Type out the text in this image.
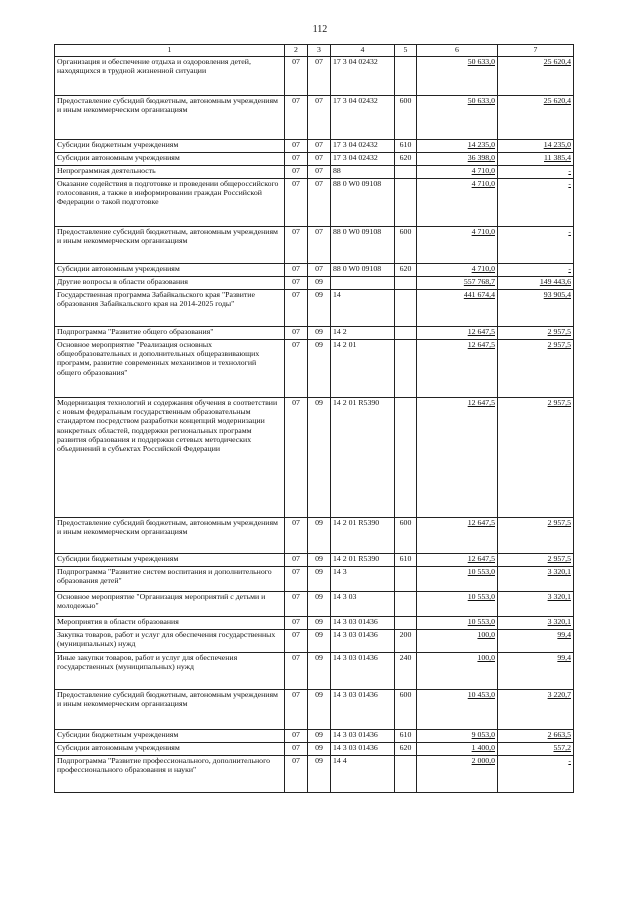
112
1	2	3	4	5	6	7
Организация и обеспечение отдыха и оздоровления детей, находящихся в трудной жизненной ситуации	07	07	17 3 04 02432		50 633,0	25 620,4
Предоставление субсидий бюджетным, автономным учреждениям и иным некоммерческим организациям	07	07	17 3 04 02432	600	50 633,0	25 620,4
Субсидии бюджетным учреждениям	07	07	17 3 04 02432	610	14 235,0	14 235,0
Субсидии автономным учреждениям	07	07	17 3 04 02432	620	36 398,0	11 385,4
Непрограммная деятельность	07	07	88		4 710,0	-
Оказание содействия в подготовке и проведении общероссийского голосования, а также в информировании граждан Российской Федерации о такой подготовке	07	07	88 0 W0 09108		4 710,0	-
Предоставление субсидий бюджетным, автономным учреждениям и иным некоммерческим организациям	07	07	88 0 W0 09108	600	4 710,0	-
Субсидии автономным учреждениям	07	07	88 0 W0 09108	620	4 710,0	-
Другие вопросы в области образования	07	09			557 768,7	149 443,6
Государственная программа Забайкальского края "Развитие образования Забайкальского края на 2014-2025 годы"	07	09	14		441 674,4	93 905,4
Подпрограмма "Развитие общего образования"	07	09	14 2		12 647,5	2 957,5
Основное мероприятие "Реализация основных общеобразовательных и дополнительных общеразвивающих программ, развитие современных механизмов и технологий общего образования"	07	09	14 2 01		12 647,5	2 957,5
Модернизация технологий и содержания обучения в соответствии с новым федеральным государственным образовательным стандартом посредством разработки концепций модернизации конкретных областей, поддержки региональных программ развития образования и поддержки сетевых методических объединений в субъектах Российской Федерации	07	09	14 2 01 R5390		12 647,5	2 957,5
Предоставление субсидий бюджетным, автономным учреждениям и иным некоммерческим организациям	07	09	14 2 01 R5390	600	12 647,5	2 957,5
Субсидии бюджетным учреждениям	07	09	14 2 01 R5390	610	12 647,5	2 957,5
Подпрограмма "Развитие систем воспитания и дополнительного образования детей"	07	09	14 3		10 553,0	3 320,1
Основное мероприятие "Организация мероприятий с детьми и молодежью"	07	09	14 3 03		10 553,0	3 320,1
Мероприятия в области образования	07	09	14 3 03 01436		10 553,0	3 320,1
Закупка товаров, работ и услуг для обеспечения государственных (муниципальных) нужд	07	09	14 3 03 01436	200	100,0	99,4
Иные закупки товаров, работ и услуг для обеспечения государственных (муниципальных) нужд	07	09	14 3 03 01436	240	100,0	99,4
Предоставление субсидий бюджетным, автономным учреждениям и иным некоммерческим организациям	07	09	14 3 03 01436	600	10 453,0	3 220,7
Субсидии бюджетным учреждениям	07	09	14 3 03 01436	610	9 053,0	2 663,5
Субсидии автономным учреждениям	07	09	14 3 03 01436	620	1 400,0	557,2
Подпрограмма "Развитие профессионального, дополнительного профессионального образования и науки"	07	09	14 4		2 000,0	-
